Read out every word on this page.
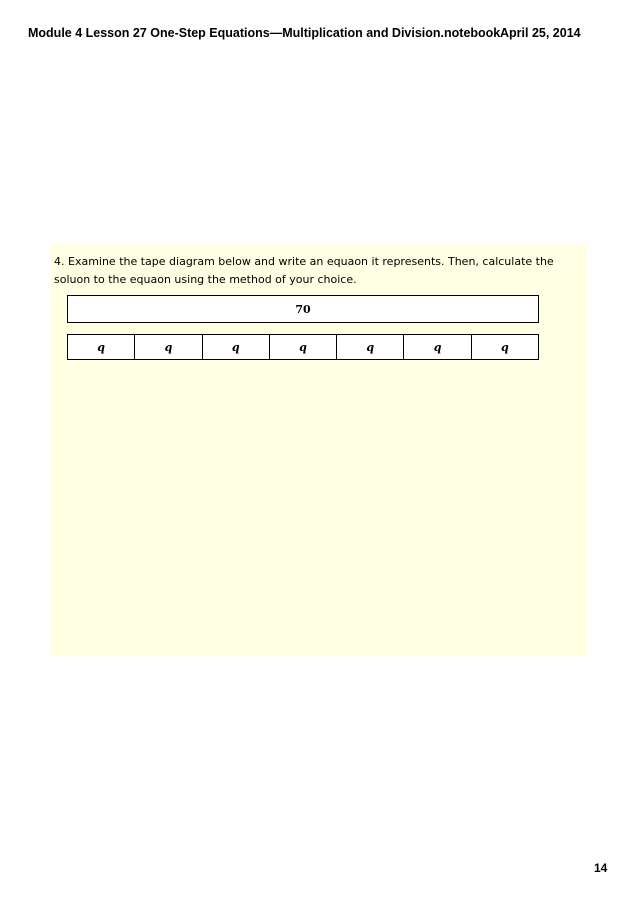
Module 4 Lesson 27 One-Step Equations—Multiplication and Division.notebook April 25, 2014
4. Examine the tape diagram below and write an equaon it represents. Then, calculate the
soluon to the equaon using the method of your choice.
70
q	q	q	q	q	q	q
14
